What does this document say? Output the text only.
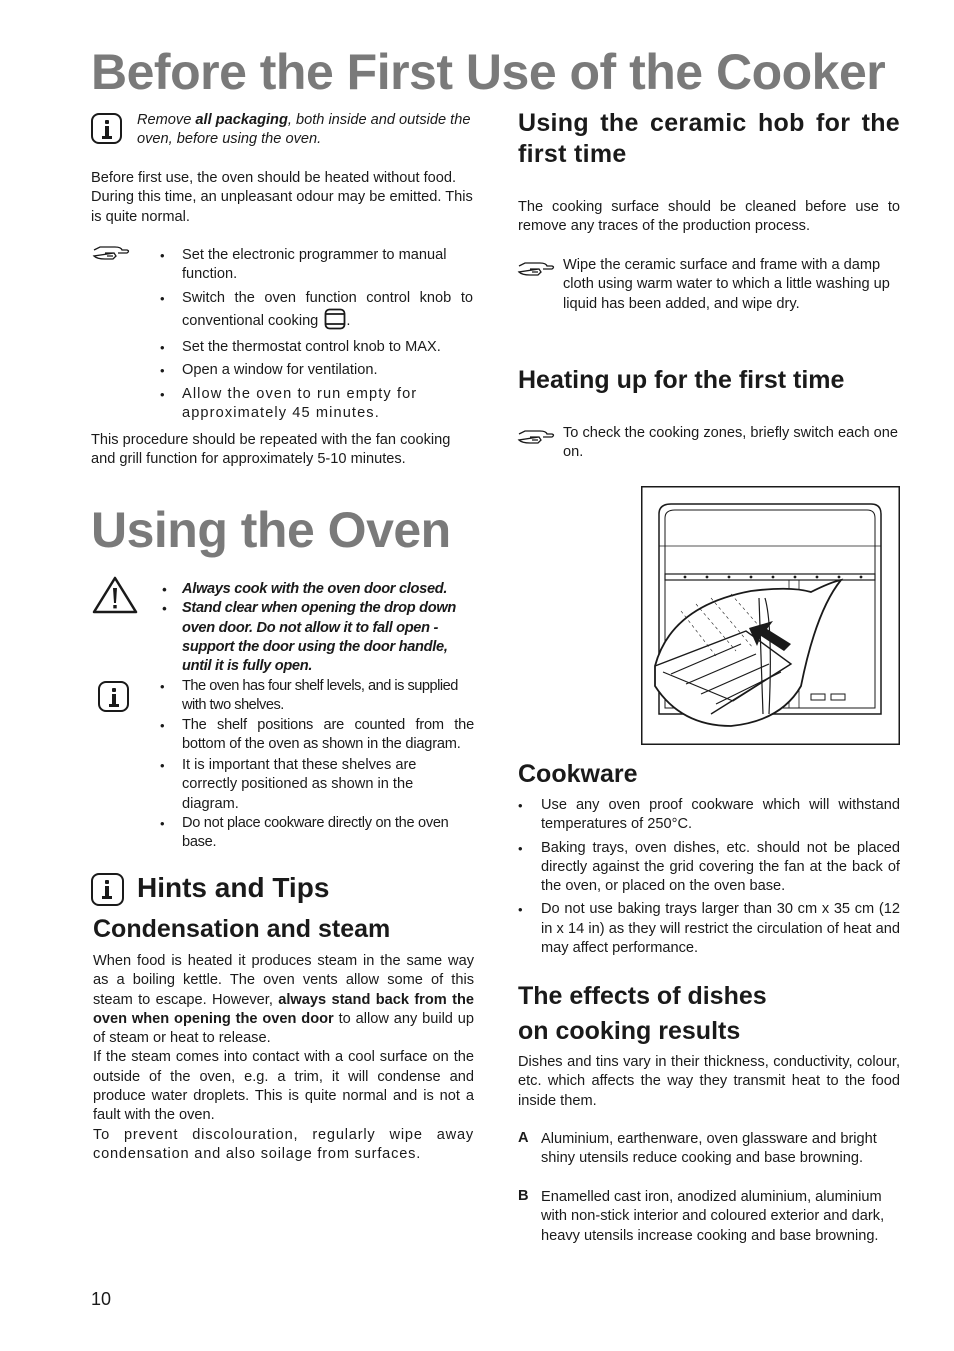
Before the First Use of the Cooker
Remove all packaging, both inside and outside the oven, before using the oven.
Before first use, the oven should be heated without food. During this time, an unpleasant odour may be emitted. This is quite normal.
• Set the electronic programmer to manual function.
• Switch the oven function control knob to conventional cooking .
• Set the thermostat control knob to MAX.
• Open a window for ventilation.
• Allow the oven to run empty for approximately 45 minutes.
This procedure should be repeated with the fan cooking and grill function for approximately 5-10 minutes.
Using the Oven
• Always cook with the oven door closed.
• Stand clear when opening the drop down oven door. Do not allow it to fall open - support the door using the door handle, until it is fully open.
• The oven has four shelf levels, and is supplied with two shelves.
• The shelf positions are counted from the bottom of the oven as shown in the diagram.
• It is important that these shelves are correctly positioned as shown in the diagram.
• Do not place cookware directly on the oven base.
Hints and Tips
Condensation and steam
When food is heated it produces steam in the same way as a boiling kettle. The oven vents allow some of this steam to escape. However, always stand back from the oven when opening the oven door to allow any build up of steam or heat to release.
If the steam comes into contact with a cool surface on the outside of the oven, e.g. a trim, it will condense and produce water droplets. This is quite normal and is not a fault with the oven.
To prevent discolouration, regularly wipe away condensation and also soilage from surfaces.
Using the ceramic hob for the first time
The cooking surface should be cleaned before use to remove any traces of the production process.
Wipe the ceramic surface and frame with a damp cloth using warm water to which a little washing up liquid has been added, and wipe dry.
Heating up for the first time
To check the cooking zones, briefly switch each one on.
Cookware
• Use any oven proof cookware which will withstand temperatures of 250°C.
• Baking trays, oven dishes, etc. should not be placed directly against the grid covering the fan at the back of the oven, or placed on the oven base.
• Do not use baking trays larger than 30 cm x 35 cm (12 in x 14 in) as they will restrict the circulation of heat and may affect performance.
The effects of dishes
on cooking results
Dishes and tins vary in their thickness, conductivity, colour, etc. which affects the way they transmit heat to the food inside them.
A Aluminium, earthenware, oven glassware and bright shiny utensils reduce cooking and base browning.
B Enamelled cast iron, anodized aluminium, aluminium with non-stick interior and coloured exterior and dark, heavy utensils increase cooking and base browning.
10
